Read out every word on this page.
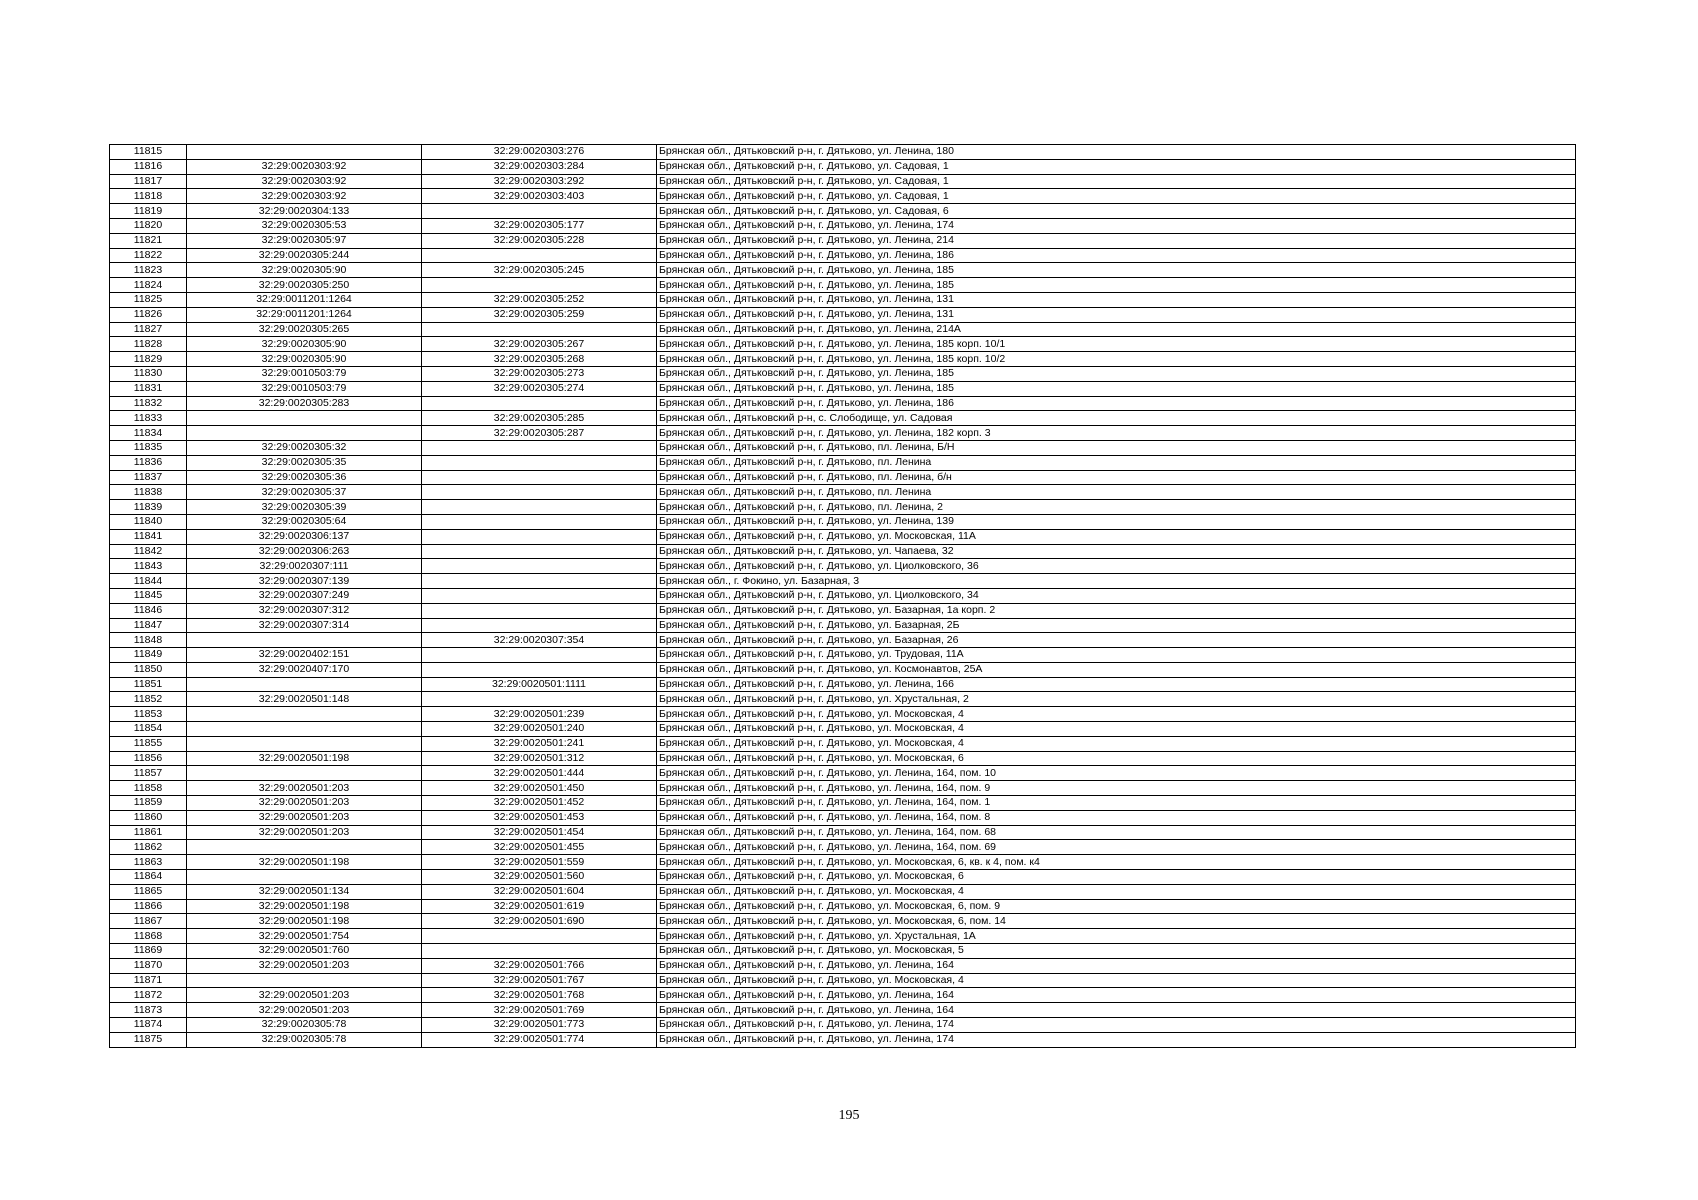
11815		32:29:0020303:276	Брянская обл., Дятьковский р-н, г. Дятьково, ул. Ленина, 180
11816	32:29:0020303:92	32:29:0020303:284	Брянская обл., Дятьковский р-н, г. Дятьково, ул. Садовая, 1
11817	32:29:0020303:92	32:29:0020303:292	Брянская обл., Дятьковский р-н, г. Дятьково, ул. Садовая, 1
11818	32:29:0020303:92	32:29:0020303:403	Брянская обл., Дятьковский р-н, г. Дятьково, ул. Садовая, 1
11819	32:29:0020304:133		Брянская обл., Дятьковский р-н, г. Дятьково, ул. Садовая, 6
11820	32:29:0020305:53	32:29:0020305:177	Брянская обл., Дятьковский р-н, г. Дятьково, ул. Ленина, 174
11821	32:29:0020305:97	32:29:0020305:228	Брянская обл., Дятьковский р-н, г. Дятьково, ул. Ленина, 214
11822	32:29:0020305:244		Брянская обл., Дятьковский р-н, г. Дятьково, ул. Ленина, 186
11823	32:29:0020305:90	32:29:0020305:245	Брянская обл., Дятьковский р-н, г. Дятьково, ул. Ленина, 185
11824	32:29:0020305:250		Брянская обл., Дятьковский р-н, г. Дятьково, ул. Ленина, 185
11825	32:29:0011201:1264	32:29:0020305:252	Брянская обл., Дятьковский р-н, г. Дятьково, ул. Ленина, 131
11826	32:29:0011201:1264	32:29:0020305:259	Брянская обл., Дятьковский р-н, г. Дятьково, ул. Ленина, 131
11827	32:29:0020305:265		Брянская обл., Дятьковский р-н, г. Дятьково, ул. Ленина, 214А
11828	32:29:0020305:90	32:29:0020305:267	Брянская обл., Дятьковский р-н, г. Дятьково, ул. Ленина, 185 корп. 10/1
11829	32:29:0020305:90	32:29:0020305:268	Брянская обл., Дятьковский р-н, г. Дятьково, ул. Ленина, 185 корп. 10/2
11830	32:29:0010503:79	32:29:0020305:273	Брянская обл., Дятьковский р-н, г. Дятьково, ул. Ленина, 185
11831	32:29:0010503:79	32:29:0020305:274	Брянская обл., Дятьковский р-н, г. Дятьково, ул. Ленина, 185
11832	32:29:0020305:283		Брянская обл., Дятьковский р-н, г. Дятьково, ул. Ленина, 186
11833		32:29:0020305:285	Брянская обл., Дятьковский р-н, с. Слободище, ул. Садовая
11834		32:29:0020305:287	Брянская обл., Дятьковский р-н, г. Дятьково, ул. Ленина, 182 корп. 3
11835	32:29:0020305:32		Брянская обл., Дятьковский р-н, г. Дятьково, пл. Ленина, Б/Н
11836	32:29:0020305:35		Брянская обл., Дятьковский р-н, г. Дятьково, пл. Ленина
11837	32:29:0020305:36		Брянская обл., Дятьковский р-н, г. Дятьково, пл. Ленина, б/н
11838	32:29:0020305:37		Брянская обл., Дятьковский р-н, г. Дятьково, пл. Ленина
11839	32:29:0020305:39		Брянская обл., Дятьковский р-н, г. Дятьково, пл. Ленина, 2
11840	32:29:0020305:64		Брянская обл., Дятьковский р-н, г. Дятьково, ул. Ленина, 139
11841	32:29:0020306:137		Брянская обл., Дятьковский р-н, г. Дятьково, ул. Московская, 11А
11842	32:29:0020306:263		Брянская обл., Дятьковский р-н, г. Дятьково, ул. Чапаева, 32
11843	32:29:0020307:111		Брянская обл., Дятьковский р-н, г. Дятьково, ул. Циолковского, 36
11844	32:29:0020307:139		Брянская обл., г. Фокино, ул. Базарная, 3
11845	32:29:0020307:249		Брянская обл., Дятьковский р-н, г. Дятьково, ул. Циолковского, 34
11846	32:29:0020307:312		Брянская обл., Дятьковский р-н, г. Дятьково, ул. Базарная, 1а корп. 2
11847	32:29:0020307:314		Брянская обл., Дятьковский р-н, г. Дятьково, ул. Базарная, 2Б
11848		32:29:0020307:354	Брянская обл., Дятьковский р-н, г. Дятьково, ул. Базарная, 26
11849	32:29:0020402:151		Брянская обл., Дятьковский р-н, г. Дятьково, ул. Трудовая, 11А
11850	32:29:0020407:170		Брянская обл., Дятьковский р-н, г. Дятьково, ул. Космонавтов, 25А
11851		32:29:0020501:1111	Брянская обл., Дятьковский р-н, г. Дятьково, ул. Ленина, 166
11852	32:29:0020501:148		Брянская обл., Дятьковский р-н, г. Дятьково, ул. Хрустальная, 2
11853		32:29:0020501:239	Брянская обл., Дятьковский р-н, г. Дятьково, ул. Московская, 4
11854		32:29:0020501:240	Брянская обл., Дятьковский р-н, г. Дятьково, ул. Московская, 4
11855		32:29:0020501:241	Брянская обл., Дятьковский р-н, г. Дятьково, ул. Московская, 4
11856	32:29:0020501:198	32:29:0020501:312	Брянская обл., Дятьковский р-н, г. Дятьково, ул. Московская, 6
11857		32:29:0020501:444	Брянская обл., Дятьковский р-н, г. Дятьково, ул. Ленина, 164, пом. 10
11858	32:29:0020501:203	32:29:0020501:450	Брянская обл., Дятьковский р-н, г. Дятьково, ул. Ленина, 164, пом. 9
11859	32:29:0020501:203	32:29:0020501:452	Брянская обл., Дятьковский р-н, г. Дятьково, ул. Ленина, 164, пом. 1
11860	32:29:0020501:203	32:29:0020501:453	Брянская обл., Дятьковский р-н, г. Дятьково, ул. Ленина, 164, пом. 8
11861	32:29:0020501:203	32:29:0020501:454	Брянская обл., Дятьковский р-н, г. Дятьково, ул. Ленина, 164, пом. 68
11862		32:29:0020501:455	Брянская обл., Дятьковский р-н, г. Дятьково, ул. Ленина, 164, пом. 69
11863	32:29:0020501:198	32:29:0020501:559	Брянская обл., Дятьковский р-н, г. Дятьково, ул. Московская, 6, кв. к 4, пом. к4
11864		32:29:0020501:560	Брянская обл., Дятьковский р-н, г. Дятьково, ул. Московская, 6
11865	32:29:0020501:134	32:29:0020501:604	Брянская обл., Дятьковский р-н, г. Дятьково, ул. Московская, 4
11866	32:29:0020501:198	32:29:0020501:619	Брянская обл., Дятьковский р-н, г. Дятьково, ул. Московская, 6, пом. 9
11867	32:29:0020501:198	32:29:0020501:690	Брянская обл., Дятьковский р-н, г. Дятьково, ул. Московская, 6, пом. 14
11868	32:29:0020501:754		Брянская обл., Дятьковский р-н, г. Дятьково, ул. Хрустальная, 1А
11869	32:29:0020501:760		Брянская обл., Дятьковский р-н, г. Дятьково, ул. Московская, 5
11870	32:29:0020501:203	32:29:0020501:766	Брянская обл., Дятьковский р-н, г. Дятьково, ул. Ленина, 164
11871		32:29:0020501:767	Брянская обл., Дятьковский р-н, г. Дятьково, ул. Московская, 4
11872	32:29:0020501:203	32:29:0020501:768	Брянская обл., Дятьковский р-н, г. Дятьково, ул. Ленина, 164
11873	32:29:0020501:203	32:29:0020501:769	Брянская обл., Дятьковский р-н, г. Дятьково, ул. Ленина, 164
11874	32:29:0020305:78	32:29:0020501:773	Брянская обл., Дятьковский р-н, г. Дятьково, ул. Ленина, 174
11875	32:29:0020305:78	32:29:0020501:774	Брянская обл., Дятьковский р-н, г. Дятьково, ул. Ленина, 174
195
